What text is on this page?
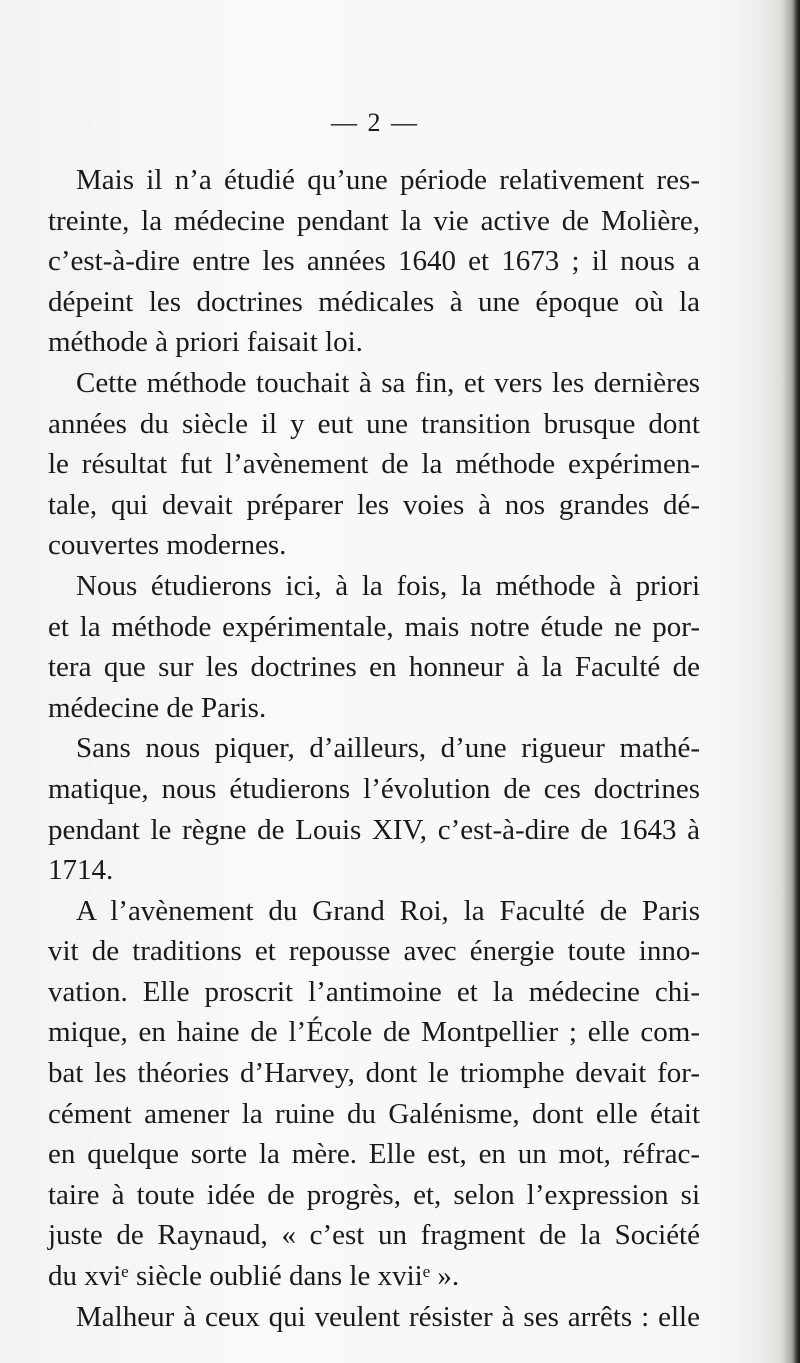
— 2 —
Mais il n’a étudié qu’une période relativement res-
treinte, la médecine pendant la vie active de Molière,
c’est-à-dire entre les années 1640 et 1673 ; il nous a
dépeint les doctrines médicales à une époque où la
méthode à priori faisait loi.
Cette méthode touchait à sa fin, et vers les dernières
années du siècle il y eut une transition brusque dont
le résultat fut l’avènement de la méthode expérimen-
tale, qui devait préparer les voies à nos grandes dé-
couvertes modernes.
Nous étudierons ici, à la fois, la méthode à priori
et la méthode expérimentale, mais notre étude ne por-
tera que sur les doctrines en honneur à la Faculté de
médecine de Paris.
Sans nous piquer, d’ailleurs, d’une rigueur mathé-
matique, nous étudierons l’évolution de ces doctrines
pendant le règne de Louis XIV, c’est-à-dire de 1643 à
1714.
A l’avènement du Grand Roi, la Faculté de Paris
vit de traditions et repousse avec énergie toute inno-
vation. Elle proscrit l’antimoine et la médecine chi-
mique, en haine de l’École de Montpellier ; elle com-
bat les théories d’Harvey, dont le triomphe devait for-
cément amener la ruine du Galénisme, dont elle était
en quelque sorte la mère. Elle est, en un mot, réfrac-
taire à toute idée de progrès, et, selon l’expression si
juste de Raynaud, « c’est un fragment de la Société
du xviᵉ siècle oublié dans le xviiᵉ ».
Malheur à ceux qui veulent résister à ses arrêts : elle
